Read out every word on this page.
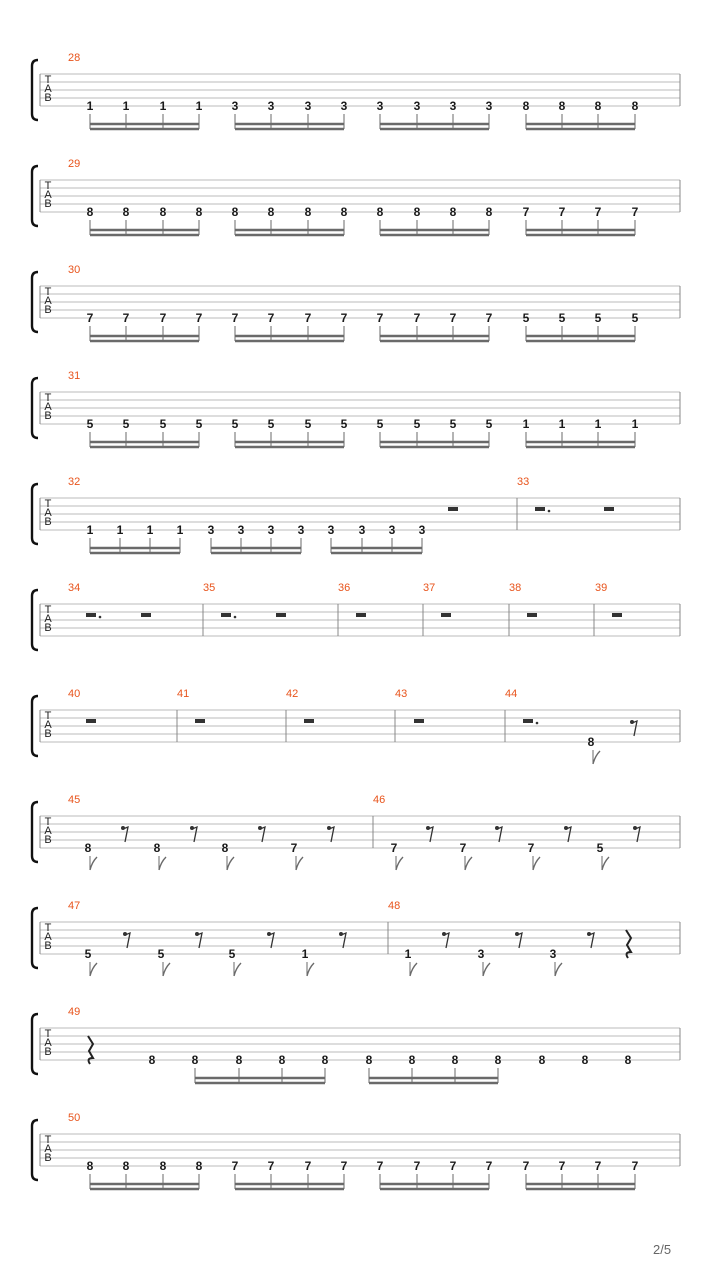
T
A
B
28
1 1	1 1 3 3	3 3 3	3 3 3	8 8 8	8
T
A
B
29
8 8	8 8 8 8	8 8 8	8 8 8	7 7 7	7
T
A
B
30
7 7	7 7 7 7	7 7 7	7 7 7	5 5 5	5
T
A
B
31
5 5	5 5 5 5	5 5 5	5 5 5	1 1 1	1
T
A
B
32
1 1 1 1 3 3 3 3 3 3 3 3
33
T
A
B
34	35	36	37	38	39
T
A
B
40	41	42	43	44
8
T
A
B
45
8	8	8	7
46
7	7	7	5
T
A
B
47
5	5	5	1
48
1	3	3
T
A
B
49
8	8	8	8	8	8	8	8	8	8	8	8
T
A
B
50
8 8	8 8 7 7	7 7 7	7 7 7	7 7 7	7
2/5
